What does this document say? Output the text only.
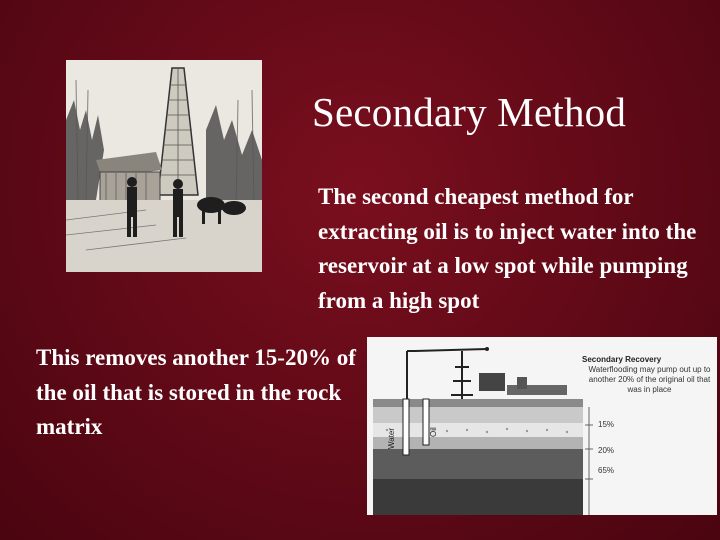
Secondary Method

The second cheapest method for extracting oil is to inject water into the reservoir at a low spot while pumping from a high spot

This removes another 15-20% of the oil that is stored in the rock matrix	Water	Oil
Secondary Recovery
Waterflooding may pump out up to another 20% of the original oil that was in place
15%
20%
65%
